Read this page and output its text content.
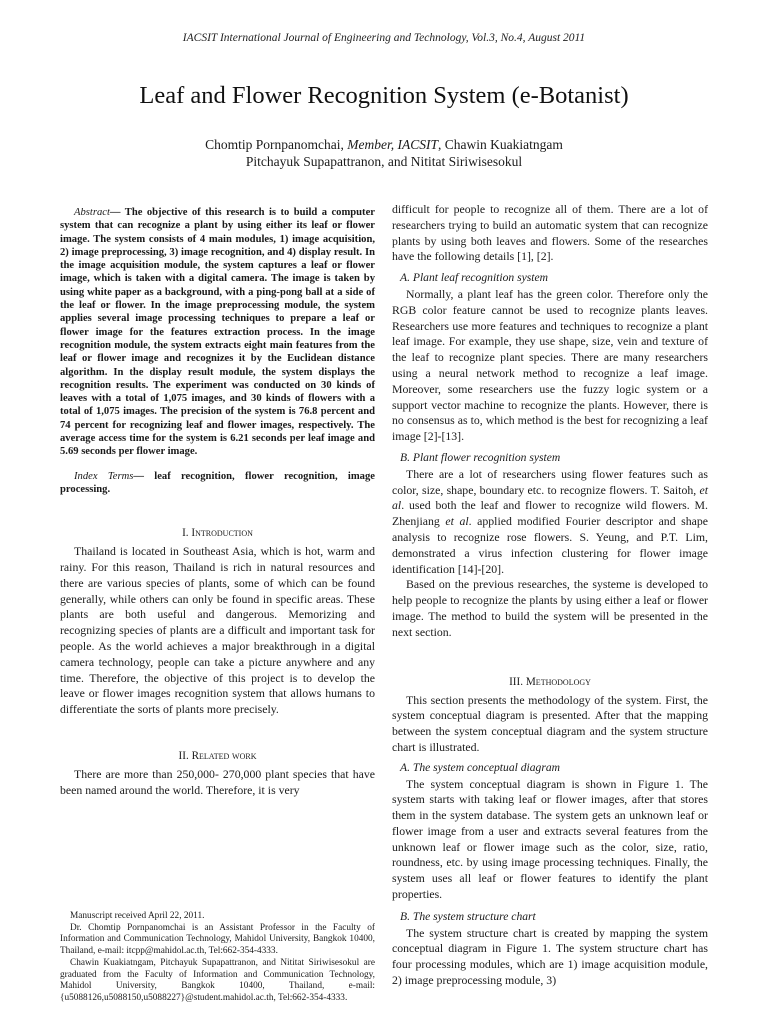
IACSIT International Journal of Engineering and Technology, Vol.3, No.4, August 2011
Leaf and Flower Recognition System (e-Botanist)
Chomtip Pornpanomchai, Member, IACSIT, Chawin Kuakiatngam
Pitchayuk Supapattranon, and Nititat Siriwisesokul

Abstract— The objective of this research is to build a computer system that can recognize a plant by using either its leaf or flower image. The system consists of 4 main modules, 1) image acquisition, 2) image preprocessing, 3) image recognition, and 4) display result. In the image acquisition module, the system captures a leaf or flower image, which is taken with a digital camera. The image is taken by using white paper as a background, with a ping-pong ball at a side of the leaf or flower. In the image preprocessing module, the system applies several image processing techniques to prepare a leaf or flower image for the features extraction process. In the image recognition module, the system extracts eight main features from the leaf or flower image and recognizes it by the Euclidean distance algorithm. In the display result module, the system displays the recognition results. The experiment was conducted on 30 kinds of leaves with a total of 1,075 images, and 30 kinds of flowers with a total of 1,075 images. The precision of the system is 76.8 percent and 74 percent for recognizing leaf and flower images, respectively. The average access time for the system is 6.21 seconds per leaf image and 5.69 seconds per flower image.

Index Terms— leaf recognition, flower recognition, image processing.

I. Introduction

Thailand is located in Southeast Asia, which is hot, warm and rainy. For this reason, Thailand is rich in natural resources and there are various species of plants, some of which can be found generally, while others can only be found in specific areas. These plants are both useful and dangerous. Memorizing and recognizing species of plants are a difficult and important task for people. As the world achieves a major breakthrough in a digital camera technology, people can take a picture anywhere and any time. Therefore, the objective of this project is to develop the leave or flower images recognition system that allows humans to differentiate the sorts of plants more precisely.

II. Related work

There are more than 250,000- 270,000 plant species that have been named around the world. Therefore, it is very

difficult for people to recognize all of them. There are a lot of researchers trying to build an automatic system that can recognize plants by using both leaves and flowers. Some of the researches have the following details [1], [2].

A. Plant leaf recognition system

Normally, a plant leaf has the green color. Therefore only the RGB color feature cannot be used to recognize plants leaves. Researchers use more features and techniques to recognize a plant leaf image. For example, they use shape, size, vein and texture of the leaf to recognize plant species. There are many researchers using a neural network method to recognize a leaf image. Moreover, some researchers use the fuzzy logic system or a support vector machine to recognize the plants. However, there is no consensus as to, which method is the best for recognizing a leaf image [2]-[13].

B. Plant flower recognition system

There are a lot of researchers using flower features such as color, size, shape, boundary etc. to recognize flowers. T. Saitoh, et al. used both the leaf and flower to recognize wild flowers. M. Zhenjiang et al. applied modified Fourier descriptor and shape analysis to recognize rose flowers. S. Yeung, and P.T. Lim, demonstrated a virus infection clustering for flower image identification [14]-[20].

Based on the previous researches, the systeme is developed to help people to recognize the plants by using either a leaf or flower image. The method to build the system will be presented in the next section.

III. Methodology

This section presents the methodology of the system. First, the system conceptual diagram is presented. After that the mapping between the system conceptual diagram and the system structure chart is illustrated.

A. The system conceptual diagram

The system conceptual diagram is shown in Figure 1. The system starts with taking leaf or flower images, after that stores them in the system database. The system gets an unknown leaf or flower image from a user and extracts several features from the unknown leaf or flower image such as the color, size, ratio, roundness, etc. by using image processing techniques. Finally, the system uses all leaf or flower features to identify the plant properties.

B. The system structure chart

The system structure chart is created by mapping the system conceptual diagram in Figure 1. The system structure chart has four processing modules, which are 1) image acquisition module, 2) image preprocessing module, 3)

Manuscript received April 22, 2011.

Dr. Chomtip Pornpanomchai is an Assistant Professor in the Faculty of Information and Communication Technology, Mahidol University, Bangkok 10400, Thailand, e-mail: itcpp@mahidol.ac.th, Tel:662-354-4333.

Chawin Kuakiatngam, Pitchayuk Supapattranon, and Nititat Siriwisesokul are graduated from the Faculty of Information and Communication Technology, Mahidol University, Bangkok 10400, Thailand, e-mail:{u5088126,u5088150,u5088227}@student.mahidol.ac.th, Tel:662-354-4333.
